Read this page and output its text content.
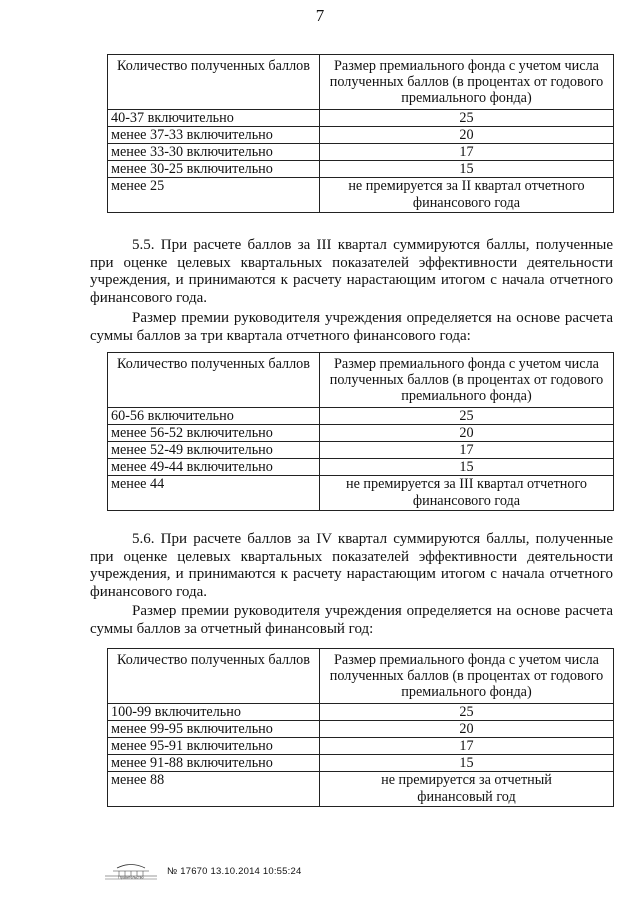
7
Количество полученных баллов	Размер премиального фонда с учетом числа полученных баллов (в процентах от годового премиального фонда)
40-37 включительно	25
менее 37-33 включительно	20
менее 33-30 включительно	17
менее 30-25 включительно	15
менее 25	не премируется за II квартал отчетного финансового года

5.5. При расчете баллов за III квартал суммируются баллы, полученные при оценке целевых квартальных показателей эффективности деятельности учреждения, и принимаются к расчету нарастающим итогом с начала отчетного финансового года.

Размер премии руководителя учреждения определяется на основе расчета суммы баллов за три квартала отчетного финансового года:

Количество полученных баллов	Размер премиального фонда с учетом числа полученных баллов (в процентах от годового премиального фонда)
60-56 включительно	25
менее 56-52 включительно	20
менее 52-49 включительно	17
менее 49-44 включительно	15
менее 44	не премируется за III квартал отчетного финансового года

5.6. При расчете баллов за IV квартал суммируются баллы, полученные при оценке целевых квартальных показателей эффективности деятельности учреждения, и принимаются к расчету нарастающим итогом с начала отчетного финансового года.

Размер премии руководителя учреждения определяется на основе расчета суммы баллов за отчетный финансовый год:

Количество полученных баллов	Размер премиального фонда с учетом числа полученных баллов (в процентах от годового премиального фонда)
100-99 включительно	25
менее 99-95 включительно	20
менее 95-91 включительно	17
менее 91-88 включительно	15
менее 88	не премируется за отчетный финансовый год
Правительство
№ 17670 13.10.2014 10:55:24
